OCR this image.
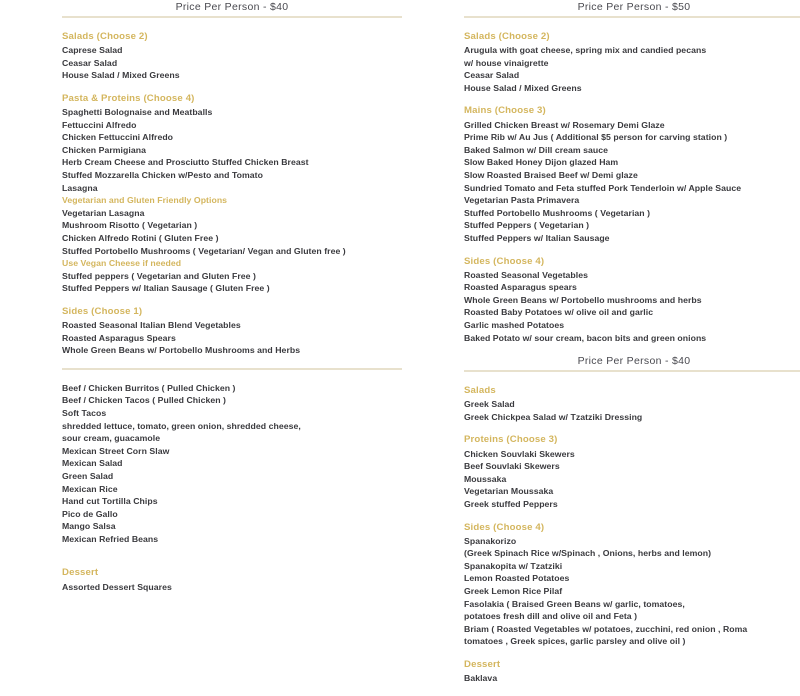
Price Per Person - $40
Salads (Choose 2)
Caprese Salad
Ceasar Salad
House Salad / Mixed Greens
Pasta & Proteins (Choose 4)
Spaghetti Bolognaise and Meatballs
Fettuccini Alfredo
Chicken Fettuccini Alfredo
Chicken Parmigiana
Herb Cream Cheese and Prosciutto Stuffed Chicken Breast
Stuffed Mozzarella Chicken w/Pesto and Tomato
Lasagna
Vegetarian and Gluten Friendly Options
Vegetarian Lasagna
Mushroom Risotto ( Vegetarian )
Chicken Alfredo Rotini ( Gluten Free )
Stuffed Portobello Mushrooms ( Vegetarian/ Vegan and Gluten free )
Use Vegan Cheese if needed
Stuffed peppers ( Vegetarian and Gluten Free )
Stuffed Peppers w/ Italian Sausage ( Gluten Free )
Sides (Choose 1)
Roasted Seasonal Italian Blend Vegetables
Roasted Asparagus Spears
Whole Green Beans w/ Portobello Mushrooms and Herbs
Beef / Chicken Burritos ( Pulled Chicken )
Beef / Chicken Tacos ( Pulled Chicken )
Soft Tacos
shredded lettuce, tomato, green onion, shredded cheese,
sour cream, guacamole
Mexican Street Corn Slaw
Mexican Salad
Green Salad
Mexican Rice
Hand cut Tortilla Chips
Pico de Gallo
Mango Salsa
Mexican Refried Beans
Dessert
Assorted Dessert Squares
Price Per Person - $50
Salads (Choose 2)
Arugula with goat cheese, spring mix and candied pecans
w/ house vinaigrette
Ceasar Salad
House Salad / Mixed Greens
Mains (Choose 3)
Grilled Chicken Breast w/ Rosemary Demi Glaze
Prime Rib w/ Au Jus ( Additional $5 person for carving station )
Baked Salmon w/ Dill cream sauce
Slow Baked Honey Dijon glazed Ham
Slow Roasted Braised Beef w/ Demi glaze
Sundried Tomato and Feta stuffed Pork Tenderloin w/ Apple Sauce
Vegetarian Pasta Primavera
Stuffed Portobello Mushrooms ( Vegetarian )
Stuffed Peppers ( Vegetarian )
Stuffed Peppers w/ Italian Sausage
Sides (Choose 4)
Roasted Seasonal Vegetables
Roasted Asparagus spears
Whole Green Beans w/ Portobello mushrooms and herbs
Roasted Baby Potatoes w/ olive oil and garlic
Garlic mashed Potatoes
Baked Potato w/ sour cream, bacon bits and green onions
Price Per Person - $40
Salads
Greek Salad
Greek Chickpea Salad w/ Tzatziki Dressing
Proteins (Choose 3)
Chicken Souvlaki Skewers
Beef Souvlaki Skewers
Moussaka
Vegetarian Moussaka
Greek stuffed Peppers
Sides (Choose 4)
Spanakorizo
(Greek Spinach Rice w/Spinach , Onions, herbs and lemon)
Spanakopita w/ Tzatziki
Lemon Roasted Potatoes
Greek Lemon Rice Pilaf
Fasolakia ( Braised Green Beans w/ garlic, tomatoes,
potatoes fresh dill and olive oil and Feta )
Briam ( Roasted Vegetables w/ potatoes, zucchini, red onion , Roma
tomatoes , Greek spices, garlic parsley and olive oil )
Dessert
Baklava
